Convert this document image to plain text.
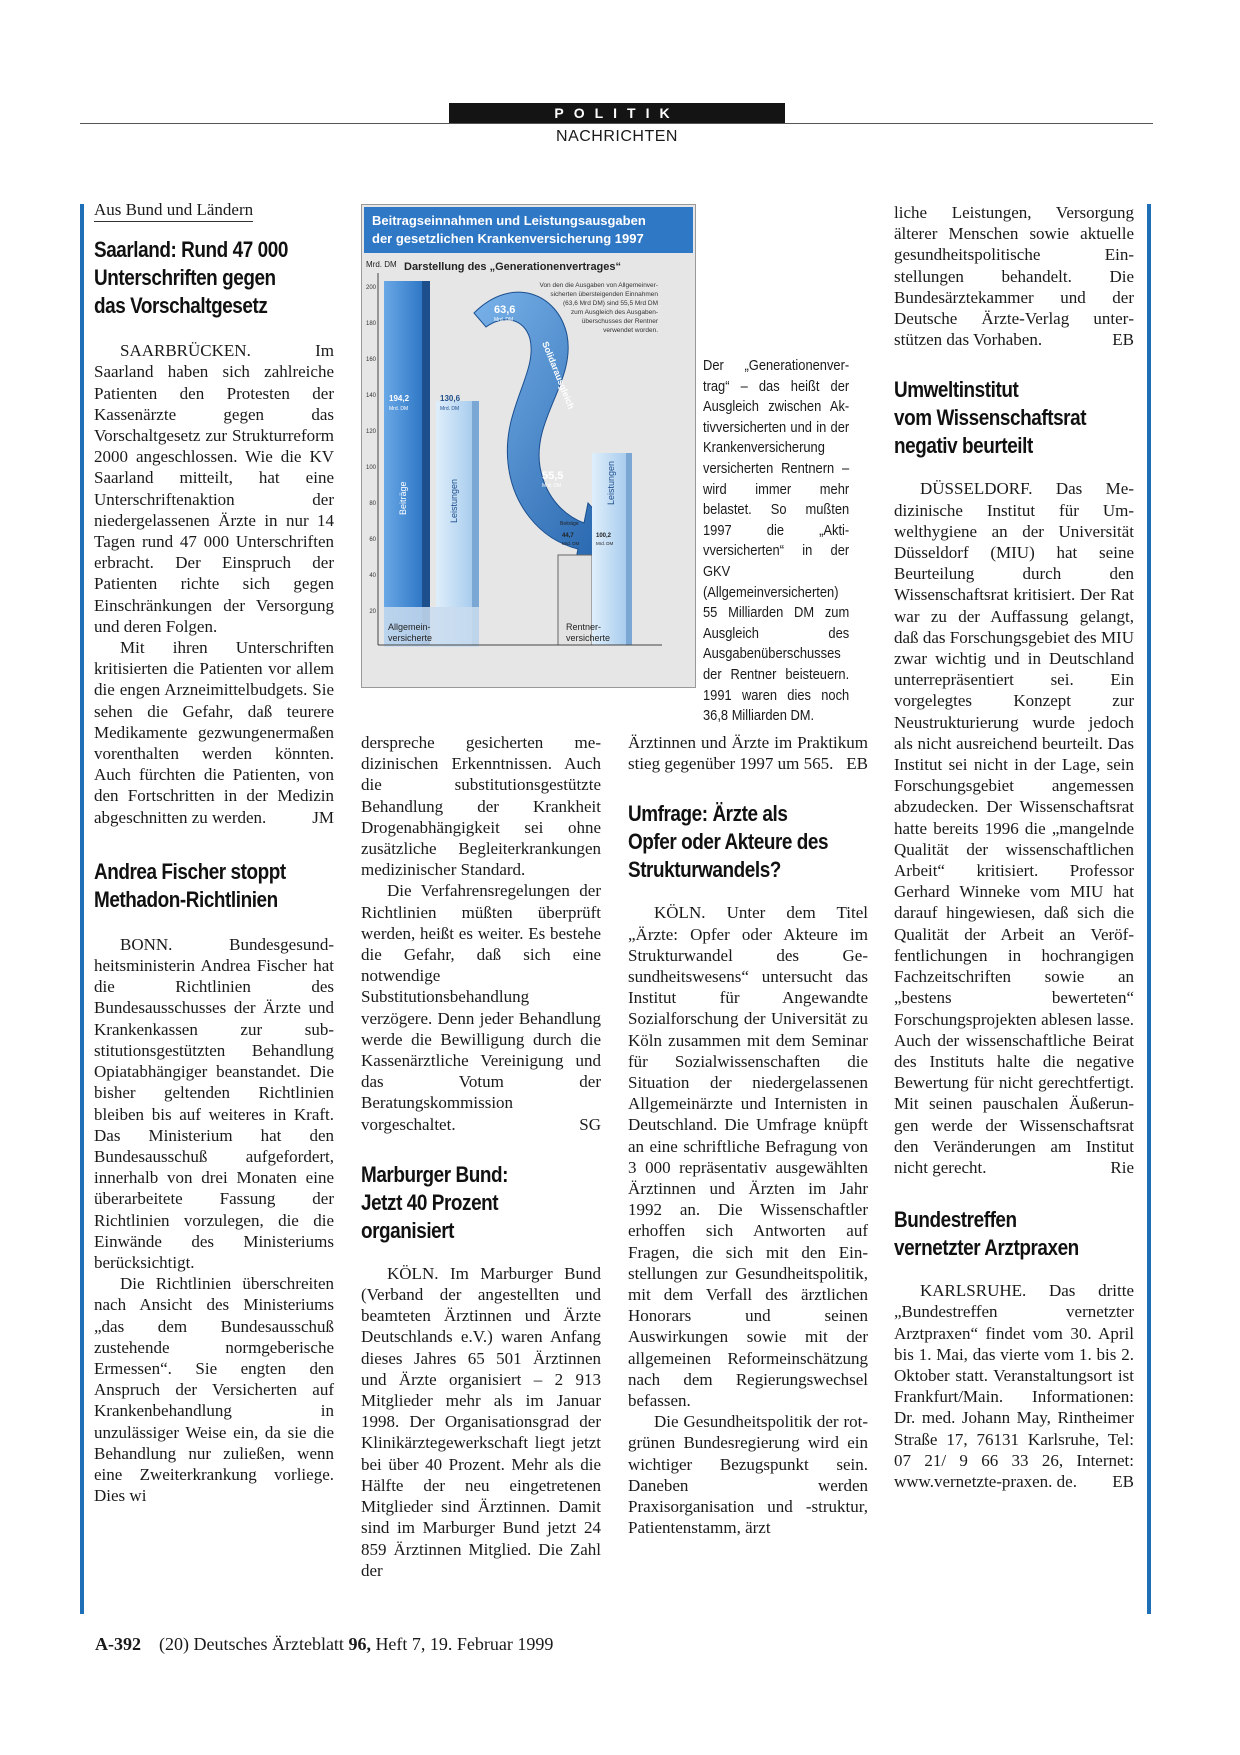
POLITIK
NACHRICHTEN
Aus Bund und Ländern
Saarland: Rund 47 000
Unterschriften gegen
das Vorschaltgesetz

SAARBRÜCKEN. Im Saarland haben sich zahlreiche Patienten den Protesten der Kassenärzte gegen das Vorschaltgesetz zur Strukturreform 2000 angeschlossen. Wie die KV Saarland mitteilt, hat eine Unterschriftenaktion der niedergelassenen Ärzte in nur 14 Tagen rund 47 000 Unterschriften erbracht. Der Einspruch der Patienten richte sich gegen Einschränkungen der Versorgung und deren Folgen.

Mit ihren Unterschriften kritisierten die Patienten vor allem die engen Arzneimittelbudgets. Sie sehen die Gefahr, daß teurere Medikamente gezwungenermaßen vorenthalten werden könnten. Auch fürchten die Patienten, von den Fortschritten in der Medizin abgeschnitten zu werden.	JM

Andrea Fischer stoppt
Methadon-Richtlinien

BONN. Bundesgesundheitsministerin Andrea Fischer hat die Richtlinien des Bundesausschusses der Ärzte und Krankenkassen zur substitutionsgestützten Behandlung Opiatabhängiger beanstandet. Die bisher geltenden Richtlinien bleiben bis auf weiteres in Kraft. Das Ministerium hat den Bundesausschuß aufgefordert, innerhalb von drei Monaten eine überarbeitete Fassung der Richtlinien vorzulegen, die die Einwände des Ministeriums berücksichtigt.

Die Richtlinien überschreiten nach Ansicht des Ministeriums „das dem Bundesausschuß zustehende normgeberische Ermessen“. Sie engten den Anspruch der Versicherten auf Krankenbehandlung in unzulässiger Weise ein, da sie die Behandlung nur zuließen, wenn eine Zweiterkrankung vorliege. Dies wi

Beitragseinnahmen und Leistungsausgaben
der gesetzlichen Krankenversicherung 1997
Mrd. DM Darstellung des „Generationenvertrages“
Von den die Ausgaben von Allgemeinver-
sicherten übersteigenden Einnahmen
(63,6 Mrd DM) sind 55,5 Mrd DM
zum Ausgleich des Ausgaben-
überschusses der Rentner
verwendet worden.
200
180
160
140
120
100
80
60
40
20
194,2
Mrd. DM
130,6
Mrd. DM
Beiträge	Leistungen
63,6
Mrd. DM
Solidarausgleich
55,5
Mrd. DM
Beiträge
44,7
Mrd. DM
100,2
Mrd. DM
Leistungen
Allgemein-
versicherte
Rentner-
versicherte

Der „Generationenvertrag“ – das heißt der Ausgleich zwischen Aktivversicherten und in der Krankenversicherung versicherten Rentnern – wird immer mehr belastet. So mußten 1997 die „Aktivversicherten“ in der GKV (Allgemeinversicherten) 55 Milliarden DM zum Ausgleich des Ausgabenüberschusses der Rentner beisteuern. 1991 waren dies noch 36,8 Milliarden DM.

derspreche gesicherten medizinischen Erkenntnissen. Auch die substitutionsgestützte Behandlung der Krankheit Drogenabhängigkeit sei ohne zusätzliche Begleiterkrankungen medizinischer Standard.

Die Verfahrensregelungen der Richtlinien müßten überprüft werden, heißt es weiter. Es bestehe die Gefahr, daß sich eine notwendige Substitutionsbehandlung verzögere. Denn jeder Behandlung werde die Bewilligung durch die Kassenärztliche Vereinigung und das Votum der Beratungskommission vorgeschaltet.	SG

Marburger Bund:
Jetzt 40 Prozent
organisiert

KÖLN. Im Marburger Bund (Verband der angestellten und beamteten Ärztinnen und Ärzte Deutschlands e.V.) waren Anfang dieses Jahres 65 501 Ärztinnen und Ärzte organisiert – 2 913 Mitglieder mehr als im Januar 1998. Der Organisationsgrad der Klinikärztegewerkschaft liegt jetzt bei über 40 Prozent. Mehr als die Hälfte der neu eingetretenen Mitglieder sind Ärztinnen. Damit sind im Marburger Bund jetzt 24 859 Ärztinnen Mitglied. Die Zahl der

Ärztinnen und Ärzte im Praktikum stieg gegenüber 1997 um 565. EB

Umfrage: Ärzte als
Opfer oder Akteure des
Strukturwandels?

KÖLN. Unter dem Titel „Ärzte: Opfer oder Akteure im Strukturwandel des Gesundheitswesens“ untersucht das Institut für Angewandte Sozialforschung der Universität zu Köln zusammen mit dem Seminar für Sozialwissenschaften die Situation der niedergelassenen Allgemeinärzte und Internisten in Deutschland. Die Umfrage knüpft an eine schriftliche Befragung von 3 000 repräsentativ ausgewählten Ärztinnen und Ärzten im Jahr 1992 an. Die Wissenschaftler erhoffen sich Antworten auf Fragen, die sich mit den Einstellungen zur Gesundheitspolitik, mit dem Verfall des ärztlichen Honorars und seinen Auswirkungen sowie mit der allgemeinen Reformeinschätzung nach dem Regierungswechsel befassen.

Die Gesundheitspolitik der rot-grünen Bundesregierung wird ein wichtiger Bezugspunkt sein. Daneben werden Praxisorganisation und -struktur, Patientenstamm, ärzt

liche Leistungen, Versorgung älterer Menschen sowie aktuelle gesundheitspolitische Einstellungen behandelt. Die Bundesärztekammer und der Deutsche Ärzte-Verlag unterstützen das Vorhaben.	EB

Umweltinstitut
vom Wissenschaftsrat
negativ beurteilt

DÜSSELDORF. Das Medizinische Institut für Umwelthygiene an der Universität Düsseldorf (MIU) hat seine Beurteilung durch den Wissenschaftsrat kritisiert. Der Rat war zu der Auffassung gelangt, daß das Forschungsgebiet des MIU zwar wichtig und in Deutschland unterrepräsentiert sei. Ein vorgelegtes Konzept zur Neustrukturierung wurde jedoch als nicht ausreichend beurteilt. Das Institut sei nicht in der Lage, sein Forschungsgebiet angemessen abzudecken. Der Wissenschaftsrat hatte bereits 1996 die „mangelnde Qualität der wissenschaftlichen Arbeit“ kritisiert. Professor Gerhard Winneke vom MIU hat darauf hingewiesen, daß sich die Qualität der Arbeit an Veröffentlichungen in hochrangigen Fachzeitschriften sowie an „bestens bewerteten“ Forschungsprojekten ablesen lasse. Auch der wissenschaftliche Beirat des Instituts halte die negative Bewertung für nicht gerechtfertigt. Mit seinen pauschalen Äußerungen werde der Wissenschaftsrat den Veränderungen am Institut nicht gerecht.	Rie

Bundestreffen
vernetzter Arztpraxen

KARLSRUHE. Das dritte „Bundestreffen vernetzter Arztpraxen“ findet vom 30. April bis 1. Mai, das vierte vom 1. bis 2. Oktober statt. Veranstaltungsort ist Frankfurt/Main. Informationen: Dr. med. Johann May, Rintheimer Straße 17, 76131 Karlsruhe, Tel: 07 21/ 9 66 33 26, Internet: www.vernetzte-praxen. de.	EB

A-392 (20) Deutsches Ärzteblatt 96, Heft 7, 19. Februar 1999
